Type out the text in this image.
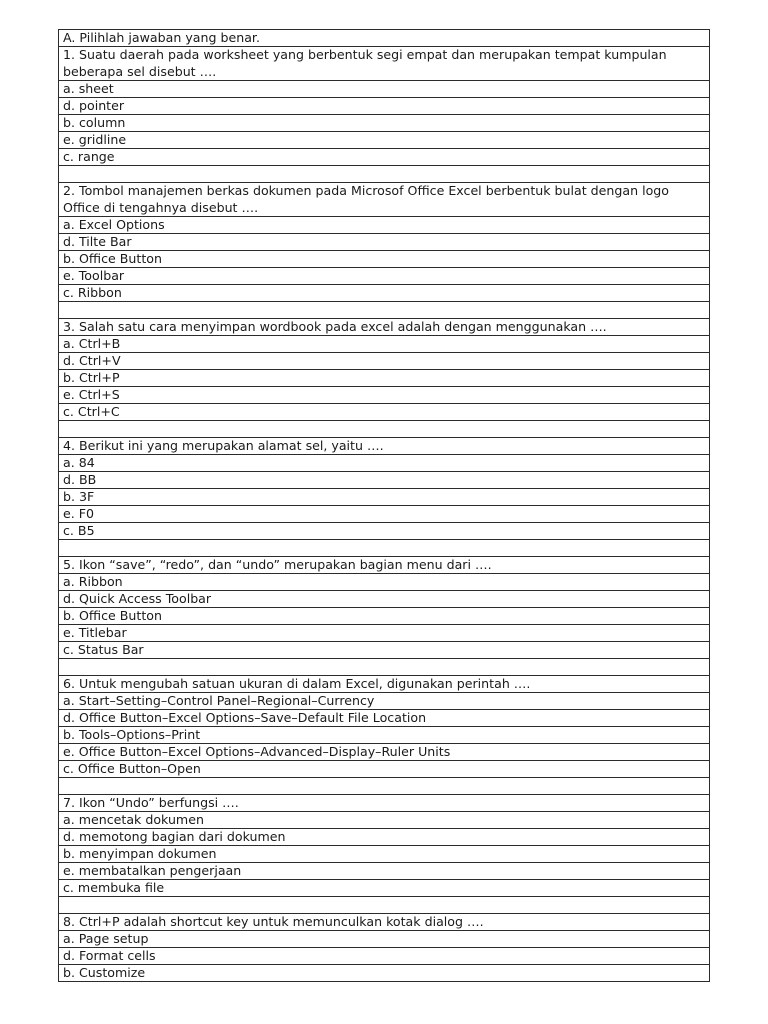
A. Pilihlah jawaban yang benar.
1. Suatu daerah pada worksheet yang berbentuk segi empat dan merupakan tempat kumpulan beberapa sel disebut ….
a. sheet
d. pointer
b. column
e. gridline
c. range

2. Tombol manajemen berkas dokumen pada Microsof Office Excel berbentuk bulat dengan logo Office di tengahnya disebut ….
a. Excel Options
d. Tilte Bar
b. Office Button
e. Toolbar
c. Ribbon

3. Salah satu cara menyimpan wordbook pada excel adalah dengan menggunakan ….
a. Ctrl+B
d. Ctrl+V
b. Ctrl+P
e. Ctrl+S
c. Ctrl+C

4. Berikut ini yang merupakan alamat sel, yaitu ….
a. 84
d. BB
b. 3F
e. F0
c. B5

5. Ikon “save”, “redo”, dan “undo” merupakan bagian menu dari ….
a. Ribbon
d. Quick Access Toolbar
b. Office Button
e. Titlebar
c. Status Bar

6. Untuk mengubah satuan ukuran di dalam Excel, digunakan perintah ….
a. Start–Setting–Control Panel–Regional–Currency
d. Office Button–Excel Options–Save–Default File Location
b. Tools–Options–Print
e. Office Button–Excel Options–Advanced–Display–Ruler Units
c. Office Button–Open

7. Ikon “Undo” berfungsi ….
a. mencetak dokumen
d. memotong bagian dari dokumen
b. menyimpan dokumen
e. membatalkan pengerjaan
c. membuka file

8. Ctrl+P adalah shortcut key untuk memunculkan kotak dialog ….
a. Page setup
d. Format cells
b. Customize
